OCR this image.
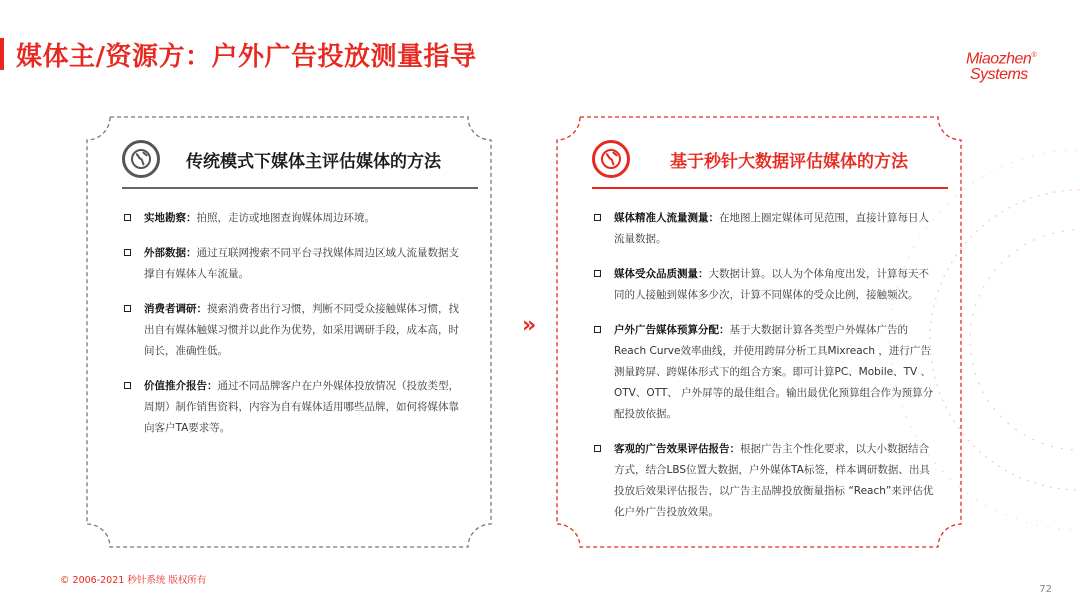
媒体主/资源方：户外广告投放测量指导	Miaozhen®
Systems
传统模式下媒体主评估媒体的方法
实地勘察：拍照，走访或地图查询媒体周边环境。
外部数据：通过互联网搜索不同平台寻找媒体周边区域人流量数据支撑自有媒体人车流量。
消费者调研：摸索消费者出行习惯，判断不同受众接触媒体习惯，找出自有媒体触媒习惯并以此作为优势，如采用调研手段，成本高，时间长，准确性低。
价值推介报告：通过不同品牌客户在户外媒体投放情况（投放类型，周期）制作销售资料，内容为自有媒体适用哪些品牌，如何将媒体靠向客户TA要求等。
»
基于秒针大数据评估媒体的方法
媒体精准人流量测量：在地图上圈定媒体可见范围，直接计算每日人流量数据。
媒体受众品质测量：大数据计算。以人为个体角度出发，计算每天不同的人接触到媒体多少次，计算不同媒体的受众比例，接触频次。
户外广告媒体预算分配：基于大数据计算各类型户外媒体广告的Reach Curve效率曲线，并使用跨屏分析工具Mixreach ，进行广告测量跨屏、跨媒体形式下的组合方案。即可计算PC、Mobile、TV 、OTV、OTT、 户外屏等的最佳组合。输出最优化预算组合作为预算分配投放依据。
客观的广告效果评估报告：根据广告主个性化要求，以大小数据结合方式，结合LBS位置大数据，户外媒体TA标签，样本调研数据、出具投放后效果评估报告，以广告主品牌投放衡量指标 “Reach”来评估优化户外广告投放效果。
© 2006-2021 秒针系统 版权所有
72
